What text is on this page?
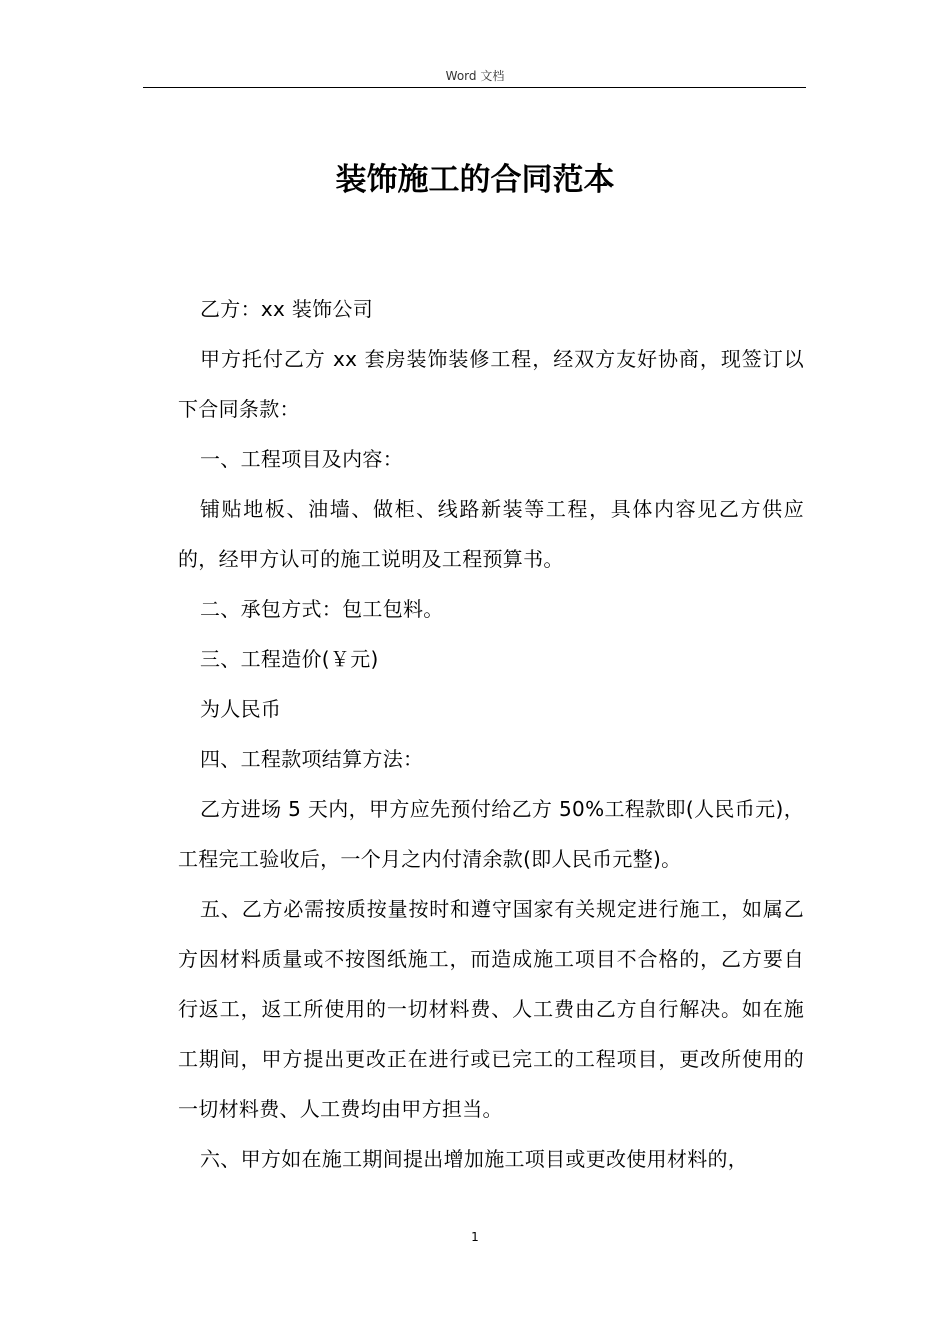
Word 文档
装饰施工的合同范本

乙方：xx 装饰公司

甲方托付乙方 xx 套房装饰装修工程，经双方友好协商，现签订以下合同条款：

一、工程项目及内容：

铺贴地板、油墙、做柜、线路新装等工程，具体内容见乙方供应的，经甲方认可的施工说明及工程预算书。

二、承包方式：包工包料。

三、工程造价(￥元)

为人民币

四、工程款项结算方法：

乙方进场 5 天内，甲方应先预付给乙方 50%工程款即(人民币元)，工程完工验收后，一个月之内付清余款(即人民币元整)。

五、乙方必需按质按量按时和遵守国家有关规定进行施工，如属乙方因材料质量或不按图纸施工，而造成施工项目不合格的，乙方要自行返工，返工所使用的一切材料费、人工费由乙方自行解决。如在施工期间，甲方提出更改正在进行或已完工的工程项目，更改所使用的一切材料费、人工费均由甲方担当。

六、甲方如在施工期间提出增加施工项目或更改使用材料的，

1
